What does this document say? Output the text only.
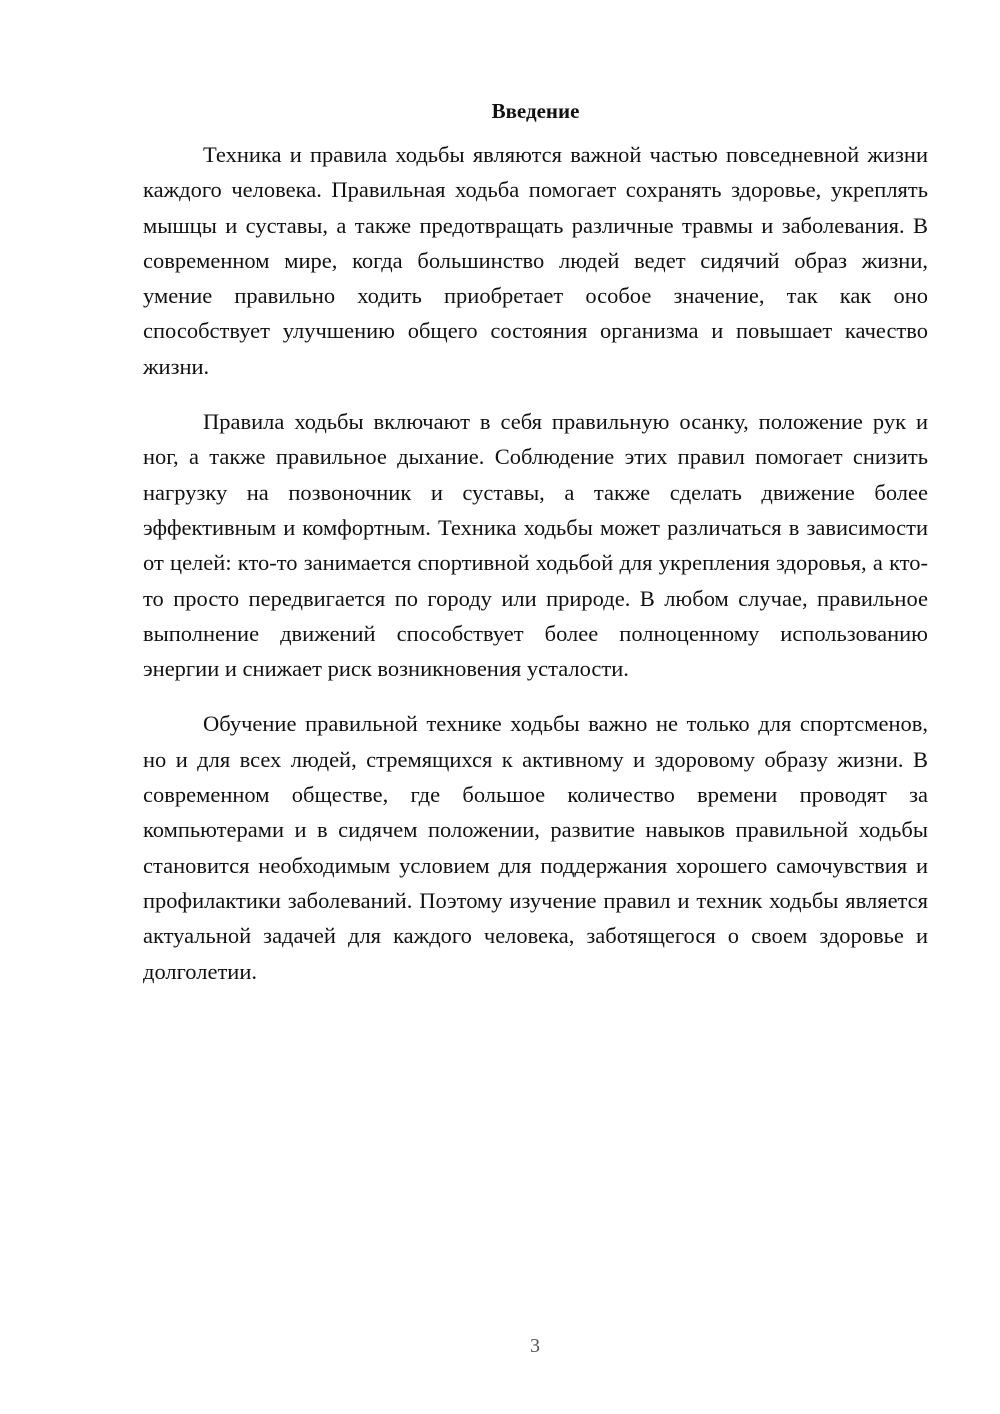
Введение

Техника и правила ходьбы являются важной частью повседневной жизни каждого человека. Правильная ходьба помогает сохранять здоровье, укреплять мышцы и суставы, а также предотвращать различные травмы и заболевания. В современном мире, когда большинство людей ведет сидячий образ жизни, умение правильно ходить приобретает особое значение, так как оно способствует улучшению общего состояния организма и повышает качество жизни.

Правила ходьбы включают в себя правильную осанку, положение рук и ног, а также правильное дыхание. Соблюдение этих правил помогает снизить нагрузку на позвоночник и суставы, а также сделать движение более эффективным и комфортным. Техника ходьбы может различаться в зависимости от целей: кто-то занимается спортивной ходьбой для укрепления здоровья, а кто-то просто передвигается по городу или природе. В любом случае, правильное выполнение движений способствует более полноценному использованию энергии и снижает риск возникновения усталости.

Обучение правильной технике ходьбы важно не только для спортсменов, но и для всех людей, стремящихся к активному и здоровому образу жизни. В современном обществе, где большое количество времени проводят за компьютерами и в сидячем положении, развитие навыков правильной ходьбы становится необходимым условием для поддержания хорошего самочувствия и профилактики заболеваний. Поэтому изучение правил и техник ходьбы является актуальной задачей для каждого человека, заботящегося о своем здоровье и долголетии.

3
